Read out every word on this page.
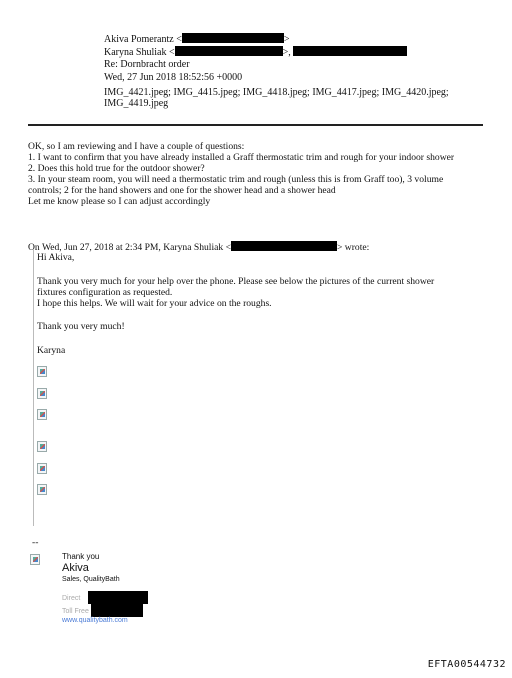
Akiva Pomerantz <	>
Karyna Shuliak <	>,
Re: Dornbracht order
Wed, 27 Jun 2018 18:52:56 +0000
IMG_4421.jpeg; IMG_4415.jpeg; IMG_4418.jpeg; IMG_4417.jpeg; IMG_4420.jpeg;
IMG_4419.jpeg
OK, so I am reviewing and I have a couple of questions:
1. I want to confirm that you have already installed a Graff thermostatic trim and rough for your indoor shower
2. Does this hold true for the outdoor shower?
3. In your steam room, you will need a thermostatic trim and rough (unless this is from Graff too), 3 volume
controls; 2 for the hand showers and one for the shower head and a shower head
Let me know please so I can adjust accordingly
On Wed, Jun 27, 2018 at 2:34 PM, Karyna Shuliak <	> wrote:
Hi Akiva,
Thank you very much for your help over the phone. Please see below the pictures of the current shower
fixtures configuration as requested.
I hope this helps. We will wait for your advice on the roughs.
Thank you very much!
Karyna
--
Thank you
Akiva
Sales, QualityBath
Direct
Toll Free
www.qualitybath.com
EFTA00544732
